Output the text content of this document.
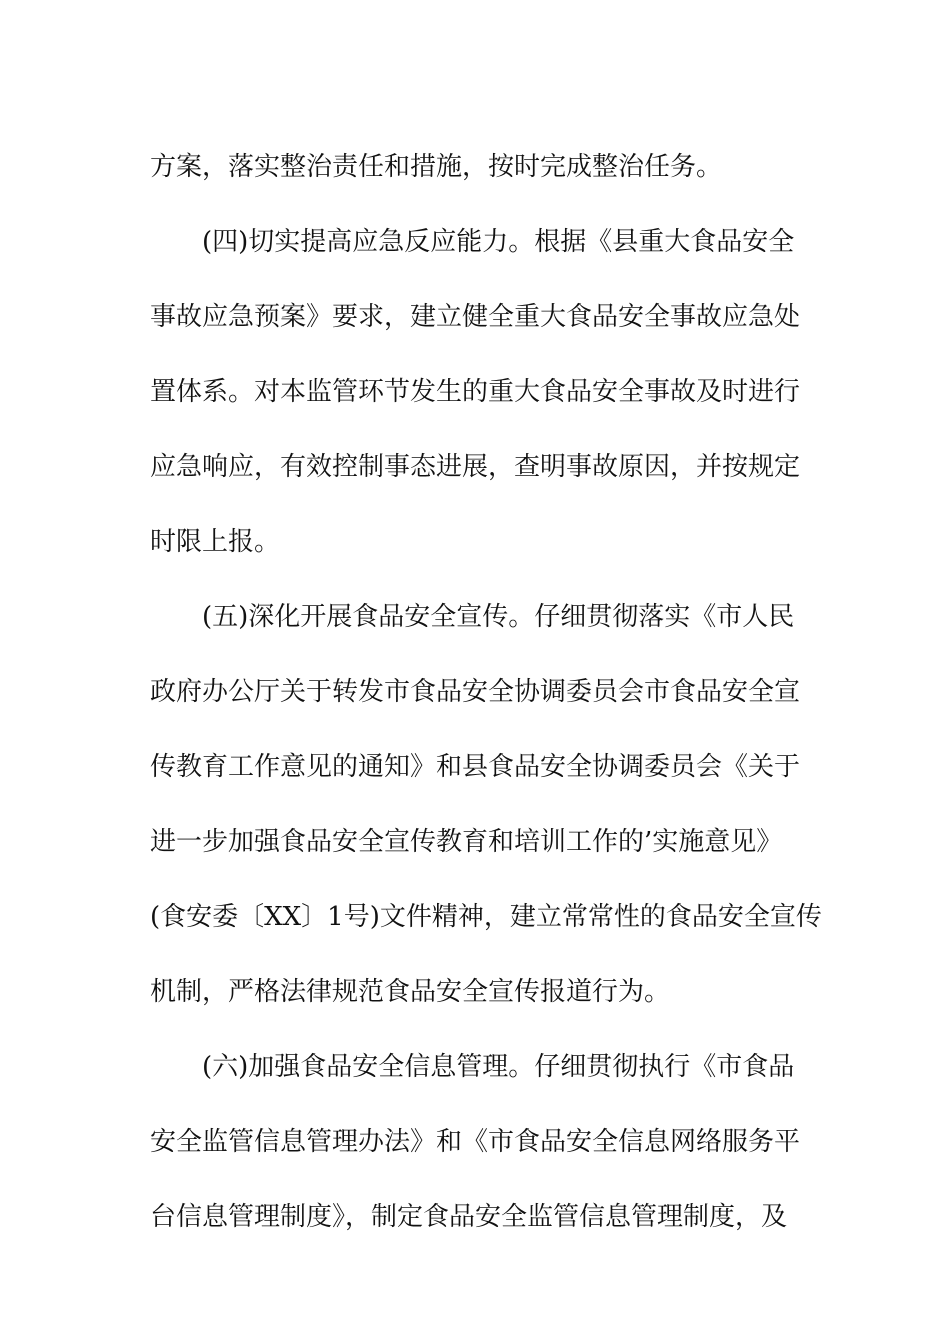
方案，落实整治责任和措施，按时完成整治任务。
(四)切实提高应急反应能力。根据《县重大食品安全
事故应急预案》要求，建立健全重大食品安全事故应急处
置体系。对本监管环节发生的重大食品安全事故及时进行
应急响应，有效控制事态进展，查明事故原因，并按规定
时限上报。
(五)深化开展食品安全宣传。仔细贯彻落实《市人民
政府办公厅关于转发市食品安全协调委员会市食品安全宣
传教育工作意见的通知》和县食品安全协调委员会《关于
进一步加强食品安全宣传教育和培训工作的’实施意见》
(食安委〔XX〕1号)文件精神，建立常常性的食品安全宣传
机制，严格法律规范食品安全宣传报道行为。
(六)加强食品安全信息管理。仔细贯彻执行《市食品
安全监管信息管理办法》和《市食品安全信息网络服务平
台信息管理制度》，制定食品安全监管信息管理制度，及
